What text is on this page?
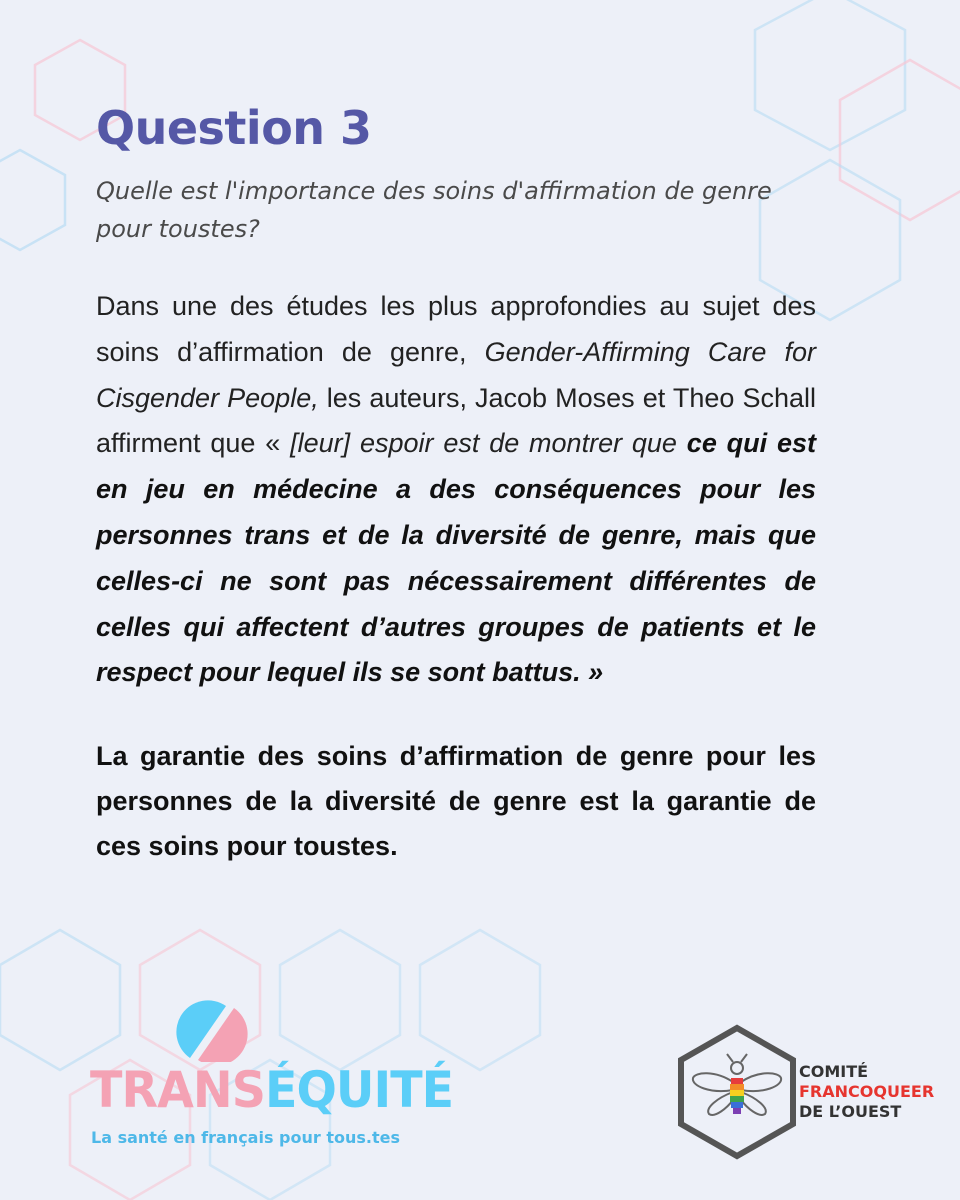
Question 3

Quelle est l'importance des soins d'affirmation de genre pour toustes?

Dans une des études les plus approfondies au sujet des soins d’affirmation de genre, Gender-Affirming Care for Cisgender People, les auteurs, Jacob Moses et Theo Schall affirment que « [leur] espoir est de montrer que ce qui est en jeu en médecine a des conséquences pour les personnes trans et de la diversité de genre, mais que celles-ci ne sont pas nécessairement différentes de celles qui affectent d’autres groupes de patients et le respect pour lequel ils se sont battus. »

La garantie des soins d’affirmation de genre pour les personnes de la diversité de genre est la garantie de ces soins pour toustes.

TRANSÉQUITÉ
La santé en français pour tous.tes
COMITÉ
FRANCOQUEER
DE L’OUEST
